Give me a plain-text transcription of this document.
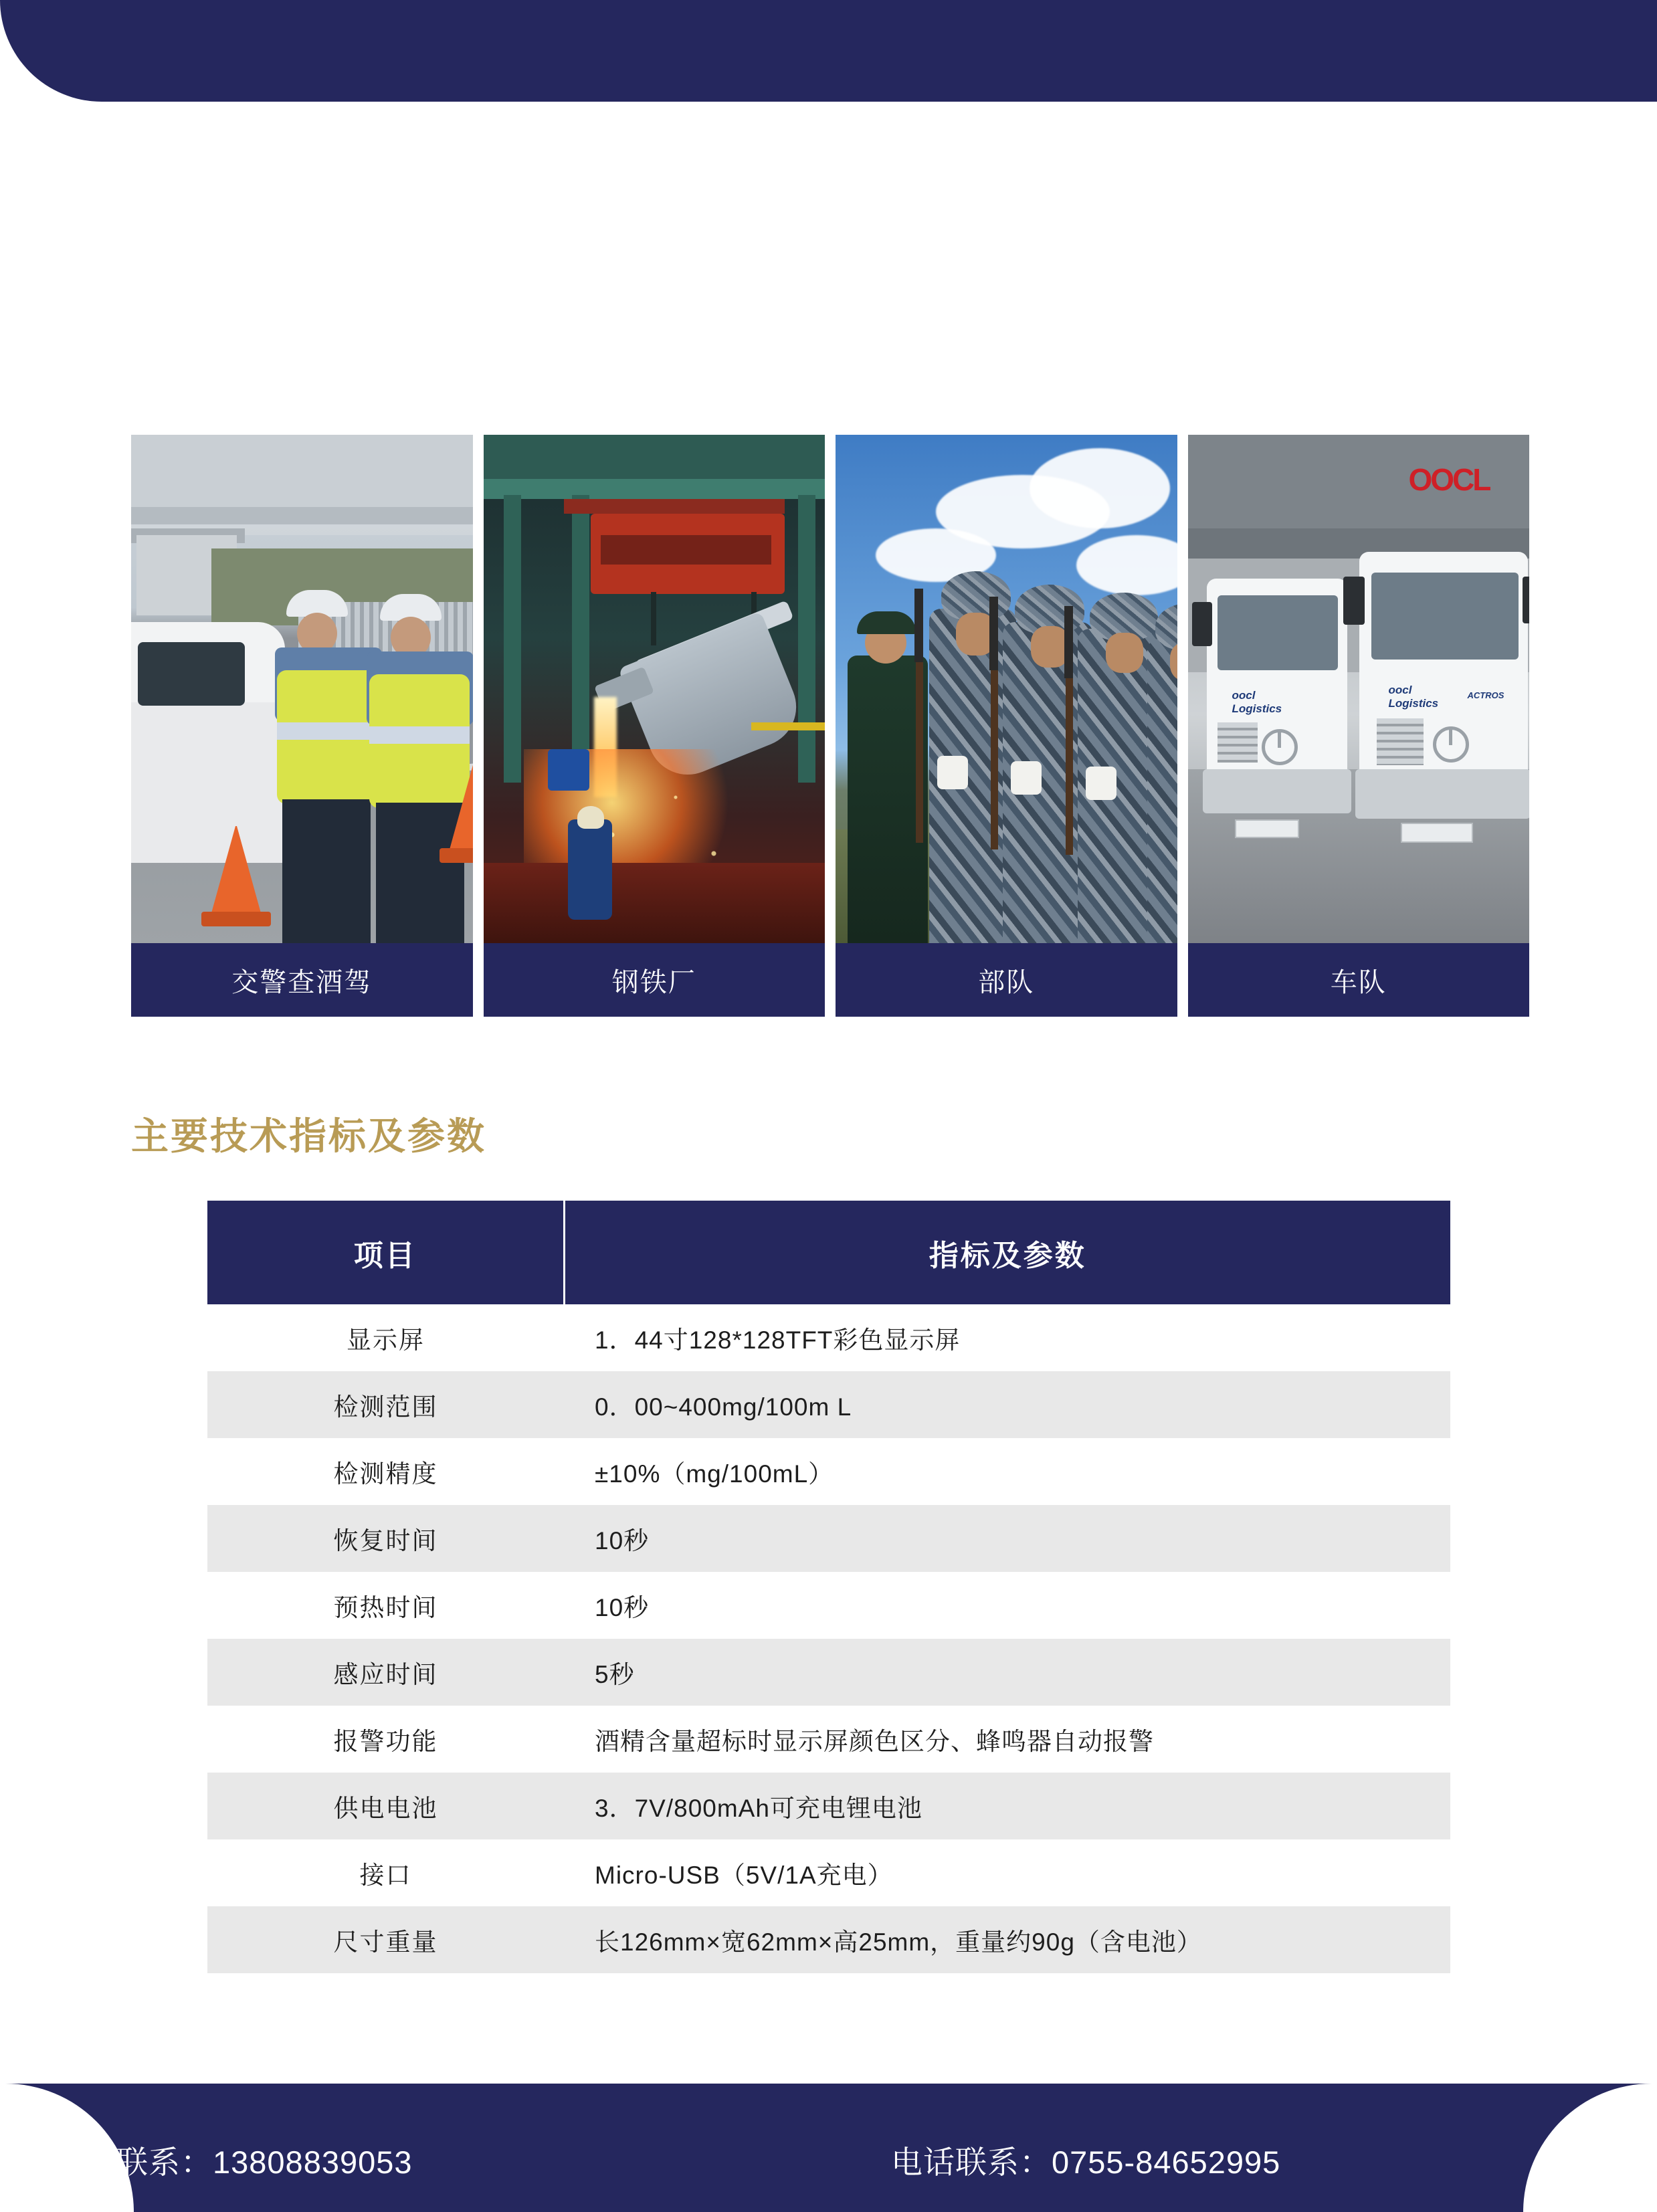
交警查酒驾	钢铁厂	部队
OOCL
oocl
Logistics
oocl
Logistics
ACTROS
车队
主要技术指标及参数
项目	指标及参数
显示屏	1．44寸128*128TFT彩色显示屏
检测范围	0．00~400mg/100m L
检测精度	±10%（mg/100mL）
恢复时间	10秒
预热时间	10秒
感应时间	5秒
报警功能	酒精含量超标时显示屏颜色区分、蜂鸣器自动报警
供电电池	3．7V/800mAh可充电锂电池
接口	Micro-USB（5V/1A充电）
尺寸重量	长126mm×宽62mm×高25mm，重量约90g（含电池）
手机联系：13808839053	电话联系：0755-84652995
